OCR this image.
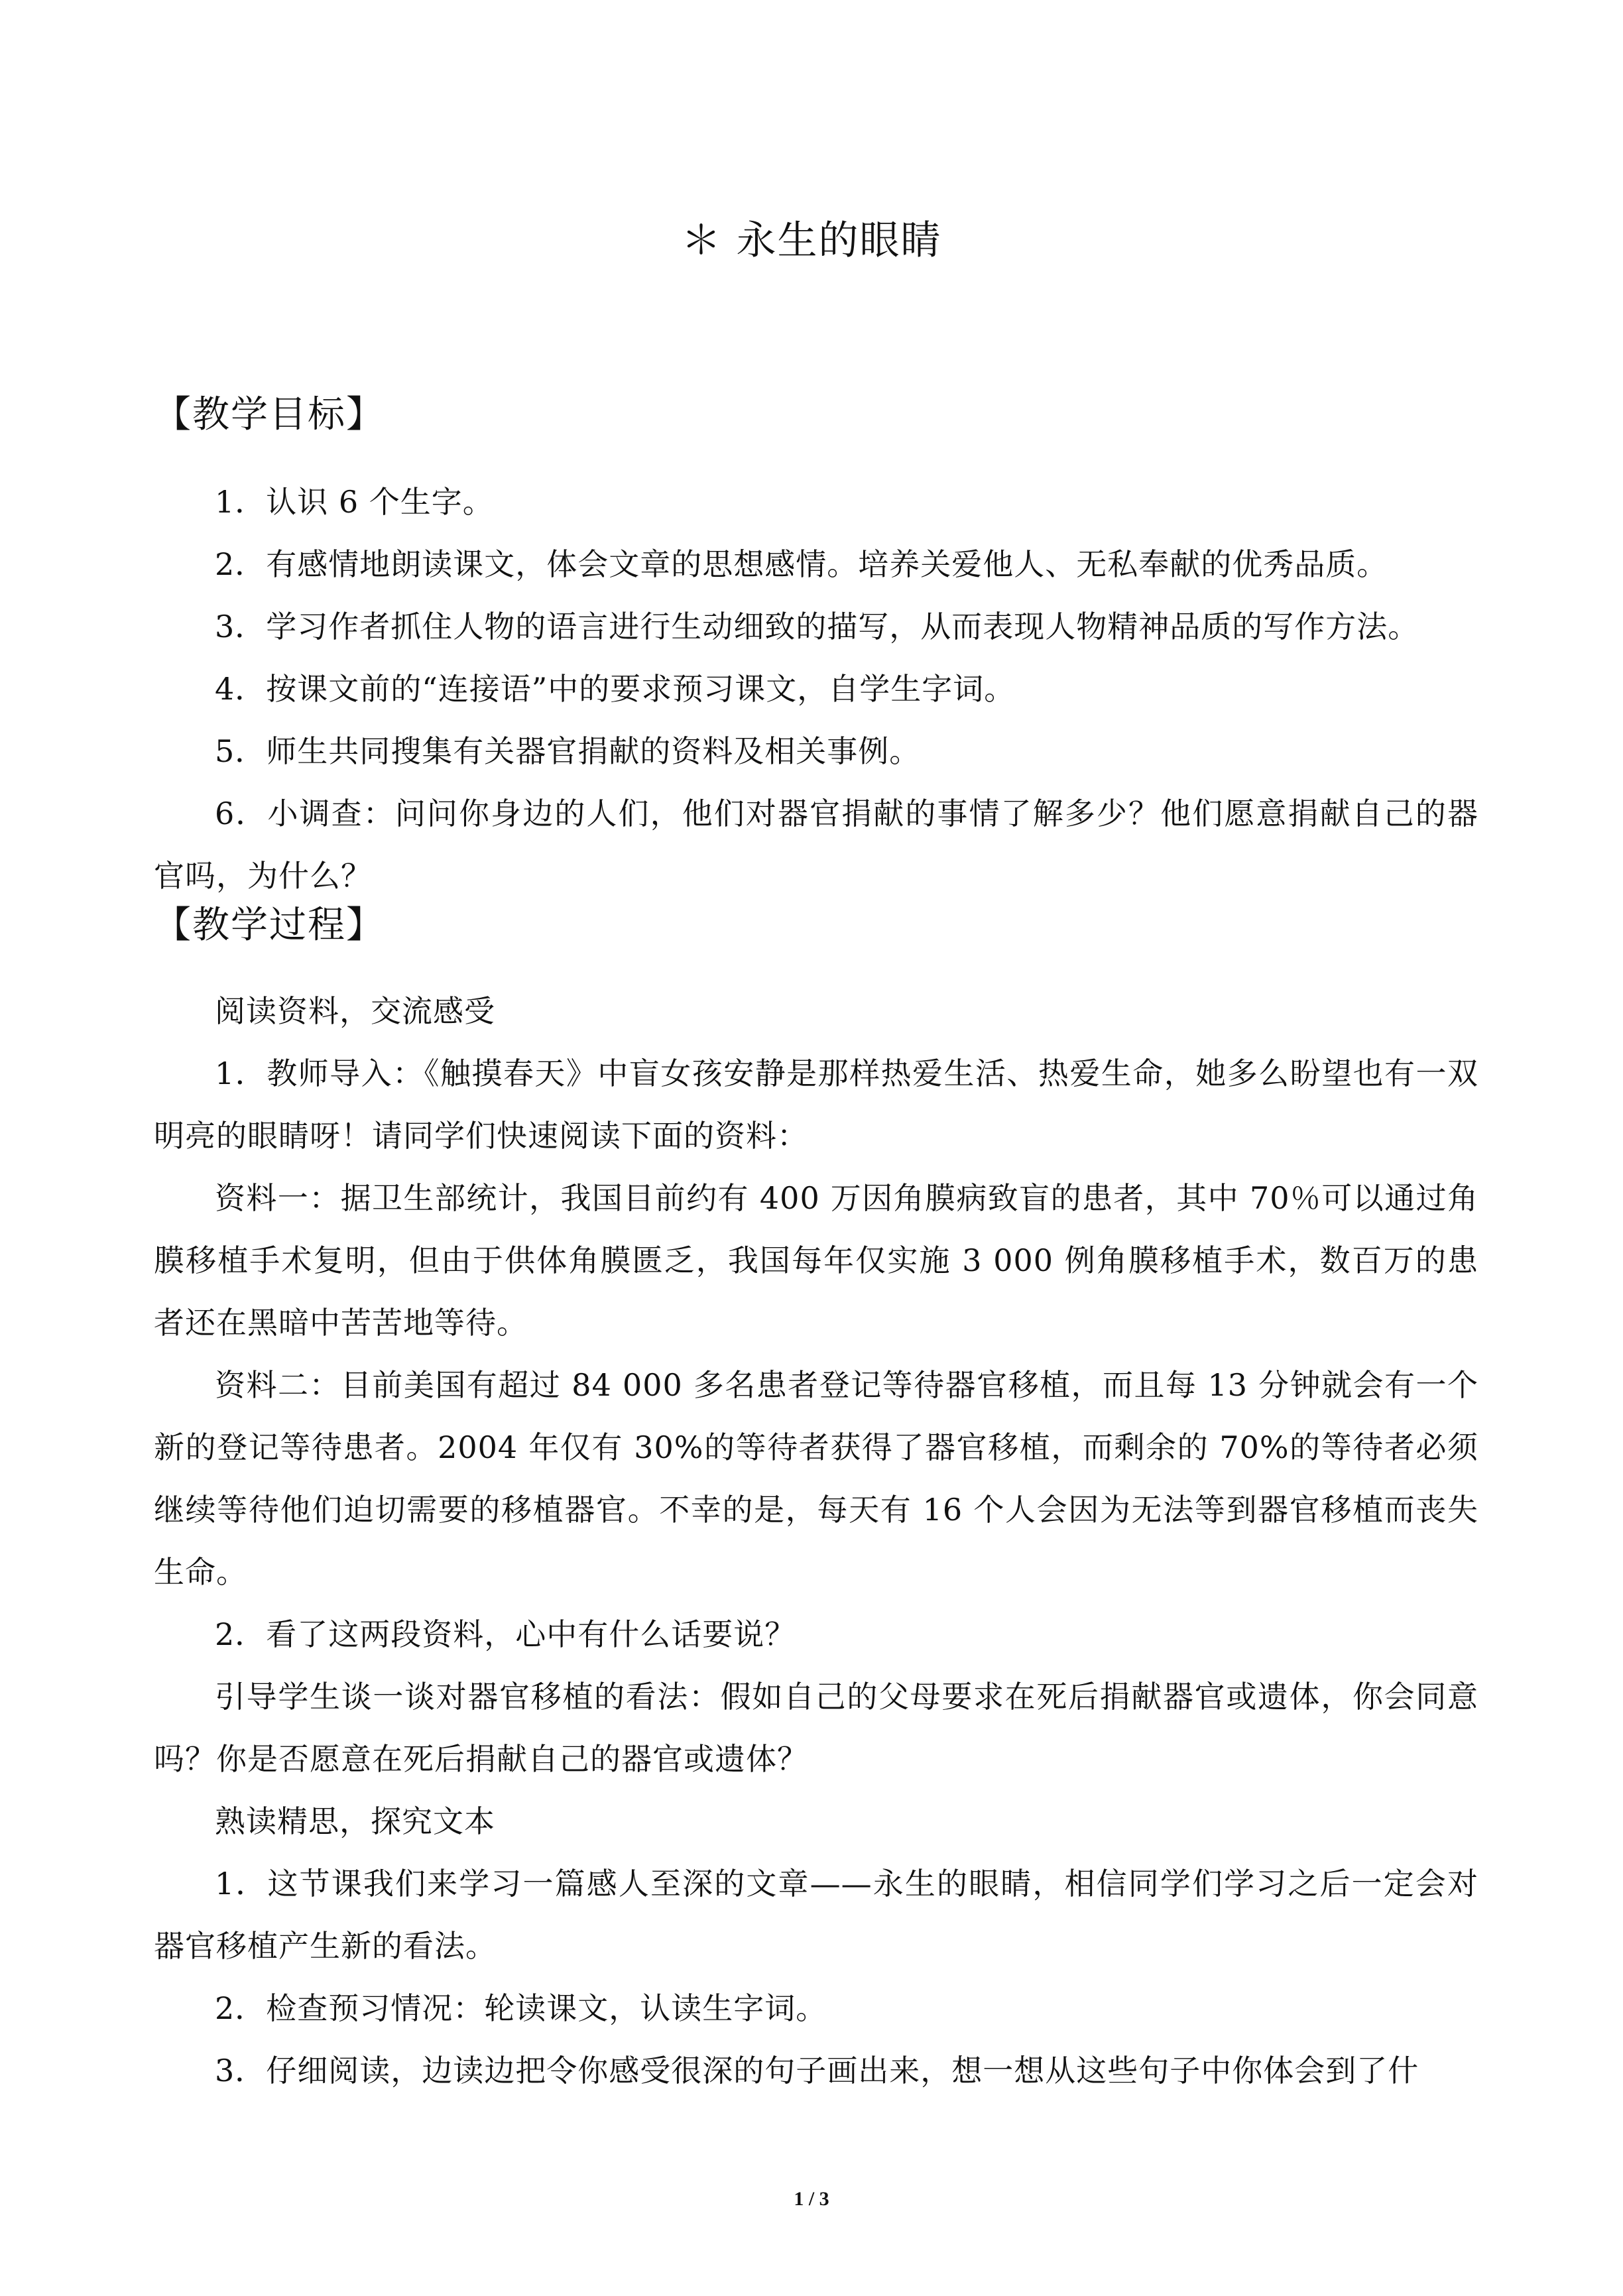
＊ 永生的眼睛
【教学目标】

1．认识 6 个生字。

2．有感情地朗读课文，体会文章的思想感情。培养关爱他人、无私奉献的优秀品质。

3．学习作者抓住人物的语言进行生动细致的描写，从而表现人物精神品质的写作方法。

4．按课文前的“连接语”中的要求预习课文，自学生字词。

5．师生共同搜集有关器官捐献的资料及相关事例。

6．小调查：问问你身边的人们，他们对器官捐献的事情了解多少？他们愿意捐献自己的器官吗，为什么？

【教学过程】

阅读资料，交流感受

1．教师导入：《触摸春天》中盲女孩安静是那样热爱生活、热爱生命，她多么盼望也有一双明亮的眼睛呀！请同学们快速阅读下面的资料：

资料一：据卫生部统计，我国目前约有 400 万因角膜病致盲的患者，其中 70％可以通过角膜移植手术复明，但由于供体角膜匮乏，我国每年仅实施 3 000 例角膜移植手术，数百万的患者还在黑暗中苦苦地等待。

资料二：目前美国有超过 84 000 多名患者登记等待器官移植，而且每 13 分钟就会有一个新的登记等待患者。2004 年仅有 30%的等待者获得了器官移植，而剩余的 70%的等待者必须继续等待他们迫切需要的移植器官。不幸的是，每天有 16 个人会因为无法等到器官移植而丧失生命。

2．看了这两段资料，心中有什么话要说？

引导学生谈一谈对器官移植的看法：假如自己的父母要求在死后捐献器官或遗体，你会同意吗？你是否愿意在死后捐献自己的器官或遗体？

熟读精思，探究文本

1．这节课我们来学习一篇感人至深的文章——永生的眼睛，相信同学们学习之后一定会对器官移植产生新的看法。

2．检查预习情况：轮读课文，认读生字词。

3．仔细阅读，边读边把令你感受很深的句子画出来，想一想从这些句子中你体会到了什

1 / 3
